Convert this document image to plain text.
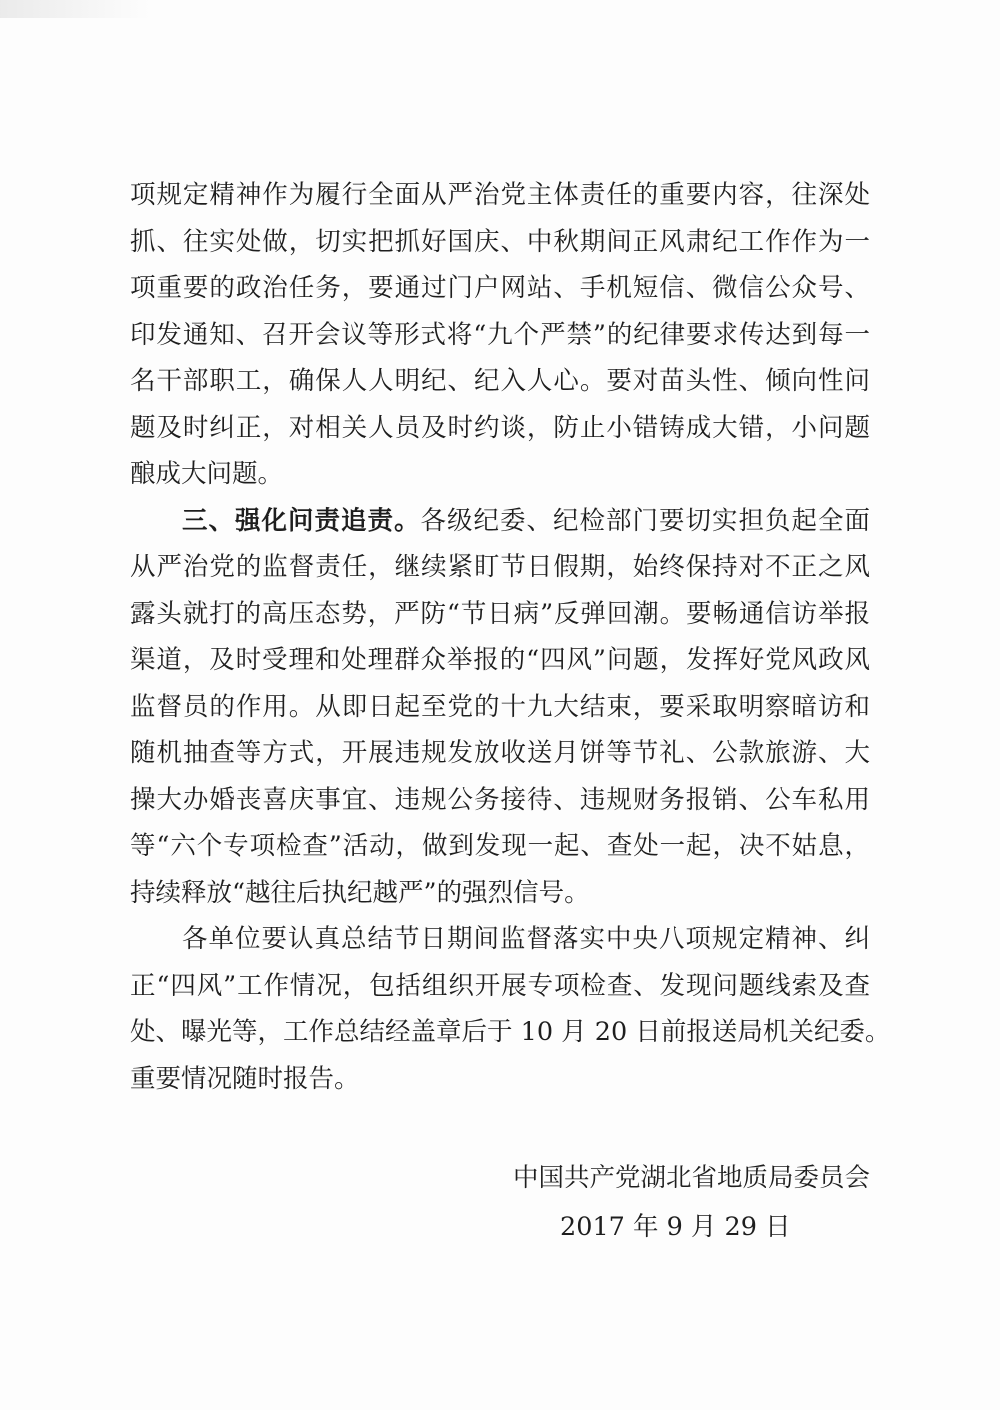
项规定精神作为履行全面从严治党主体责任的重要内容，往深处
抓、往实处做，切实把抓好国庆、中秋期间正风肃纪工作作为一
项重要的政治任务，要通过门户网站、手机短信、微信公众号、
印发通知、召开会议等形式将“九个严禁”的纪律要求传达到每一
名干部职工，确保人人明纪、纪入人心。要对苗头性、倾向性问
题及时纠正，对相关人员及时约谈，防止小错铸成大错，小问题
酿成大问题。
三、强化问责追责。各级纪委、纪检部门要切实担负起全面
从严治党的监督责任，继续紧盯节日假期，始终保持对不正之风
露头就打的高压态势，严防“节日病”反弹回潮。要畅通信访举报
渠道，及时受理和处理群众举报的“四风”问题，发挥好党风政风
监督员的作用。从即日起至党的十九大结束，要采取明察暗访和
随机抽查等方式，开展违规发放收送月饼等节礼、公款旅游、大
操大办婚丧喜庆事宜、违规公务接待、违规财务报销、公车私用
等“六个专项检查”活动，做到发现一起、查处一起，决不姑息，
持续释放“越往后执纪越严”的强烈信号。
各单位要认真总结节日期间监督落实中央八项规定精神、纠
正“四风”工作情况，包括组织开展专项检查、发现问题线索及查
处、曝光等，工作总结经盖章后于 10 月 20 日前报送局机关纪委。
重要情况随时报告。
中国共产党湖北省地质局委员会
2017 年 9 月 29 日
